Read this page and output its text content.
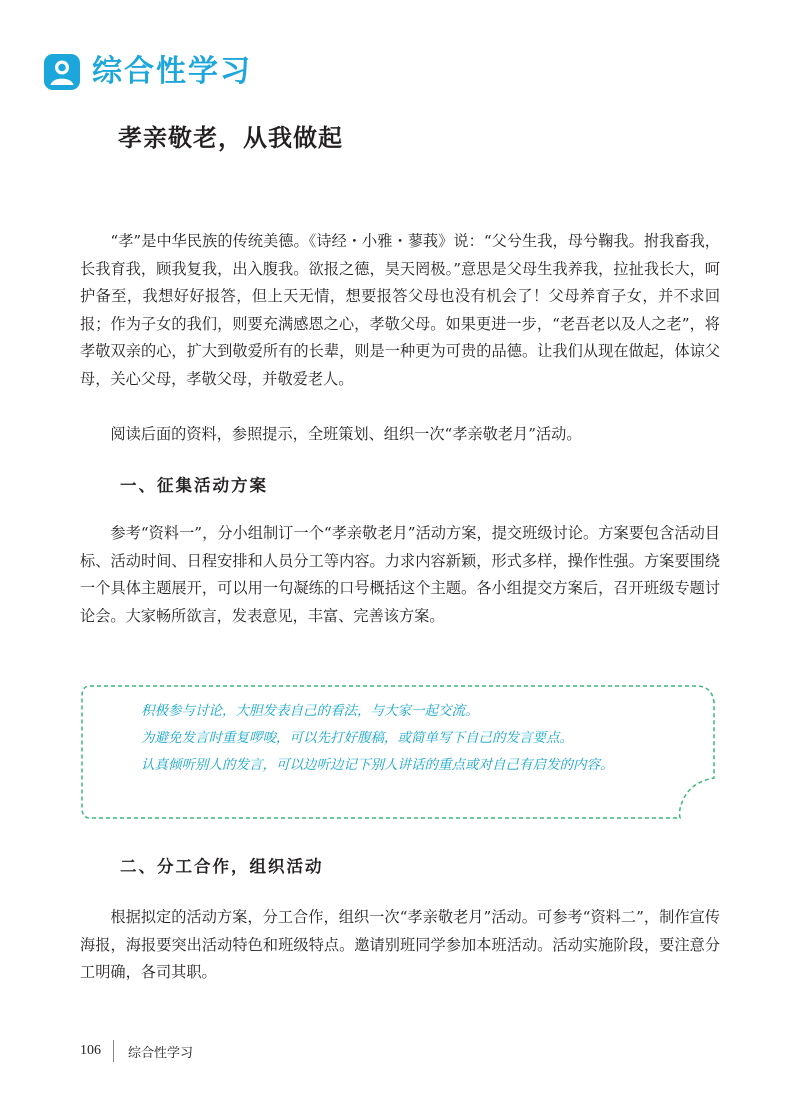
综合性学习
孝亲敬老，从我做起

“孝”是中华民族的传统美德。《诗经・小雅・蓼莪》说：“父兮生我，母兮鞠我。拊我畜我，长我育我，顾我复我，出入腹我。欲报之德，昊天罔极。”意思是父母生我养我，拉扯我长大，呵护备至，我想好好报答，但上天无情，想要报答父母也没有机会了！父母养育子女，并不求回报；作为子女的我们，则要充满感恩之心，孝敬父母。如果更进一步，“老吾老以及人之老”，将孝敬双亲的心，扩大到敬爱所有的长辈，则是一种更为可贵的品德。让我们从现在做起，体谅父母，关心父母，孝敬父母，并敬爱老人。

阅读后面的资料，参照提示，全班策划、组织一次“孝亲敬老月”活动。

一、征集活动方案

参考“资料一”，分小组制订一个“孝亲敬老月”活动方案，提交班级讨论。方案要包含活动目标、活动时间、日程安排和人员分工等内容。力求内容新颖，形式多样，操作性强。方案要围绕一个具体主题展开，可以用一句凝练的口号概括这个主题。各小组提交方案后，召开班级专题讨论会。大家畅所欲言，发表意见，丰富、完善该方案。

积极参与讨论，大胆发表自己的看法，与大家一起交流。

为避免发言时重复啰唆，可以先打好腹稿，或简单写下自己的发言要点。

认真倾听别人的发言，可以边听边记下别人讲话的重点或对自己有启发的内容。

二、分工合作，组织活动

根据拟定的活动方案，分工合作，组织一次“孝亲敬老月”活动。可参考“资料二”，制作宣传海报，海报要突出活动特色和班级特点。邀请别班同学参加本班活动。活动实施阶段，要注意分工明确，各司其职。

106 综合性学习
